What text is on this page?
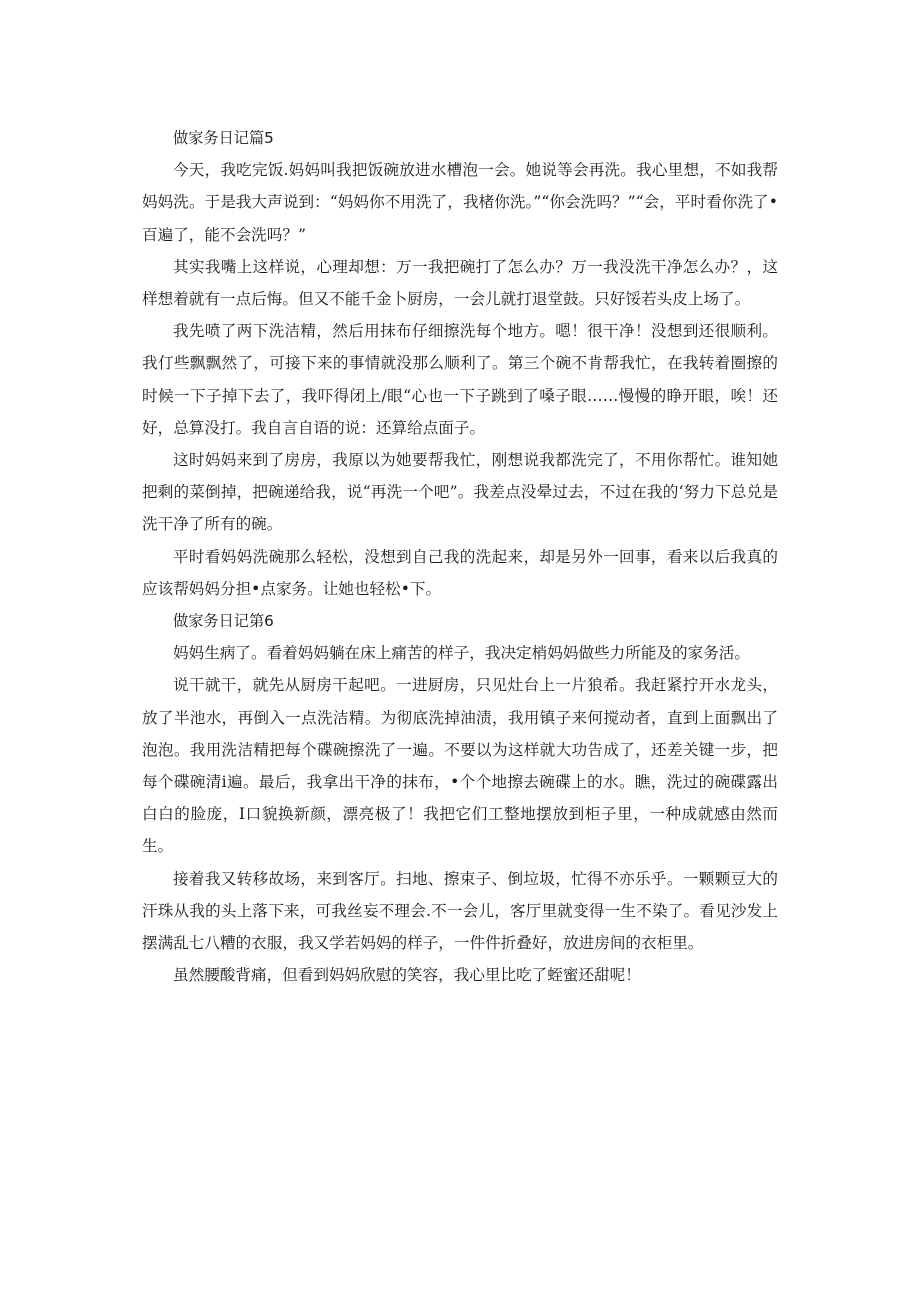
做家务日记篇5

今天，我吃完饭.妈妈叫我把饭碗放进水槽泡一会。她说等会再洗。我心里想，不如我帮妈妈洗。于是我大声说到：“妈妈你不用洗了，我楮你洗。”“你会洗吗？”“会，平时看你洗了•百遍了，能不会洗吗？”

其实我嘴上这样说，心理却想：万一我把碗打了怎么办？万一我没洗干净怎么办？，这样想着就有一点后悔。但又不能千金卜厨房，一会儿就打退堂鼓。只好馁若头皮上场了。

我先喷了两下洗洁精，然后用抹布仔细擦洗每个地方。嗯！很干净！没想到还很顺利。我仃些飘飘然了，可接下来的事情就没那么顺利了。第三个碗不肯帮我忙，在我转着圈擦的时候一下子掉下去了，我吓得闭上/眼“心也一下子跳到了嗓子眼……慢慢的睁开眼，唉！还好，总算没打。我自言自语的说：还算给点面子。

这时妈妈来到了房房，我原以为她要帮我忙，刚想说我都洗完了，不用你帮忙。谁知她把剩的菜倒掉，把碗递给我，说“再洗一个吧”。我差点没晕过去，不过在我的‘努力下总兑是洗干净了所有的碗。

平时看妈妈洗碗那么轻松，没想到自己我的洗起来，却是另外一回事，看来以后我真的应该帮妈妈分担•点家务。让她也轻松•下。

做家务日记第6

妈妈生病了。看着妈妈躺在床上痛苦的样子，我决定梢妈妈做些力所能及的家务活。

说干就干，就先从厨房干起吧。一进厨房，只见灶台上一片狼希。我赶紧拧开水龙头，放了半池水，再倒入一点洗洁精。为彻底洗掉油渍，我用镇子来何搅动者，直到上面飘出了泡泡。我用洗洁精把每个碟碗擦洗了一遍。不要以为这样就大功告成了，还差关键一步，把每个碟碗清i遍。最后，我拿出干净的抹布，•个个地擦去碗碟上的水。瞧，洗过的碗碟露出白白的脸庞，I口貌换新颜，漂亮极了！我把它们工整地摆放到柜子里，一种成就感由然而生。

接着我又转移故场，来到客厅。扫地、擦束子、倒垃圾，忙得不亦乐乎。一颗颗豆大的汗珠从我的头上落下来，可我丝妄不理会.不一会儿，客厅里就变得一生不染了。看见沙发上摆满乱七八糟的衣服，我又学若妈妈的样子，一件件折叠好，放进房间的衣柜里。

虽然腰酸背痛，但看到妈妈欣慰的笑容，我心里比吃了蛭蜜还甜呢！
